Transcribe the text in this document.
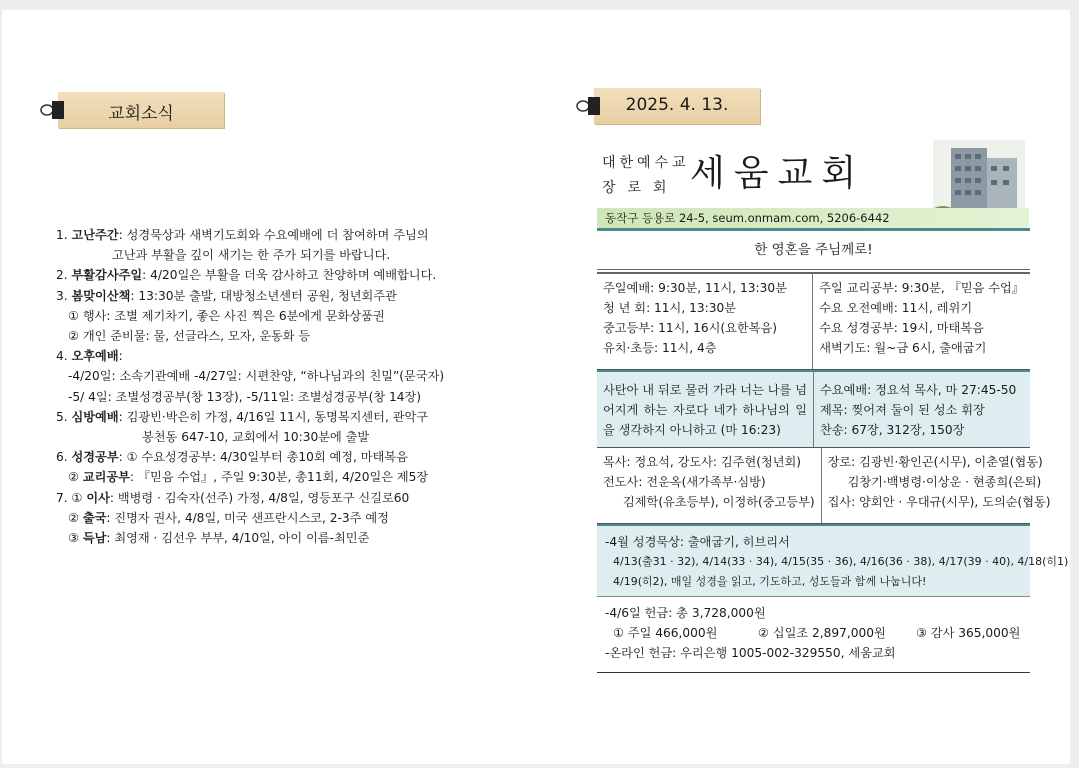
교회소식
1. 고난주간: 성경묵상과 새벽기도회와 수요예배에 더 참여하며 주님의
고난과 부활을 깊이 새기는 한 주가 되기를 바랍니다.
2. 부활감사주일: 4/20일은 부활을 더욱 감사하고 찬양하며 예배합니다.
3. 봄맞이산책: 13:30분 출발, 대방청소년센터 공원, 청년회주관
① 행사: 조별 제기차기, 좋은 사진 찍은 6분에게 문화상품권
② 개인 준비물: 물, 선글라스, 모자, 운동화 등
4. 오후예배:
-4/20일: 소속기관예배 -4/27일: 시편찬양, “하나님과의 친밀”(문국자)
-5/ 4일: 조별성경공부(창 13장), -5/11일: 조별성경공부(창 14장)
5. 심방예배: 김광빈·박은히 가정, 4/16일 11시, 동명복지센터, 관악구
봉천동 647-10, 교회에서 10:30분에 출발
6. 성경공부: ① 수요성경공부: 4/30일부터 총10회 예정, 마태복음
② 교리공부: 『믿음 수업』, 주일 9:30분, 총11회, 4/20일은 제5장
7. ① 이사: 백병령 · 김숙자(선주) 가정, 4/8일, 영등포구 신길로60
② 출국: 진명자 권사, 4/8일, 미국 샌프란시스코, 2-3주 예정
③ 득남: 최영재 · 김선우 부부, 4/10일, 아이 이름-최민준
2025. 4. 13.
대한예수교
장로회 세움교회
동작구 등용로 24-5, seum.onmam.com, 5206-6442
한 영혼을 주님께로!
주일예배: 9:30분, 11시, 13:30분
청 년 회: 11시, 13:30분
중고등부: 11시, 16시(요한복음)
유치·초등: 11시, 4층
주일 교리공부: 9:30분, 『믿음 수업』
수요 오전예배: 11시, 레위기
수요 성경공부: 19시, 마태복음
새벽기도: 월~금 6시, 출애굽기
사탄아 내 뒤로 물러 가라 너는 나를 넘어지게 하는 자로다 네가 하나님의 일을 생각하지 아니하고 (마 16:23)
수요예배: 정요석 목사, 마 27:45-50
제목: 찢어져 둘이 된 성소 휘장
찬송: 67장, 312장, 150장
목사: 정요석, 강도사: 김주현(청년회)
전도사: 전운옥(새가족부·심방)
김제학(유초등부), 이정하(중고등부)
장로: 김광빈·황인곤(시무), 이춘열(협동)
김창기·백병령·이상운 · 현종희(은퇴)
집사: 양회안 · 우대규(시무), 도의순(협동)
-4월 성경묵상: 출애굽기, 히브리서
4/13(출31 · 32), 4/14(33 · 34), 4/15(35 · 36), 4/16(36 · 38), 4/17(39 · 40), 4/18(히1)
4/19(히2), 매일 성경을 읽고, 기도하고, 성도들과 함께 나눕니다!
-4/6일 헌금: 총 3,728,000원
① 주일 466,000원	② 십일조 2,897,000원	③ 감사 365,000원
-온라인 헌금: 우리은행 1005-002-329550, 세움교회
